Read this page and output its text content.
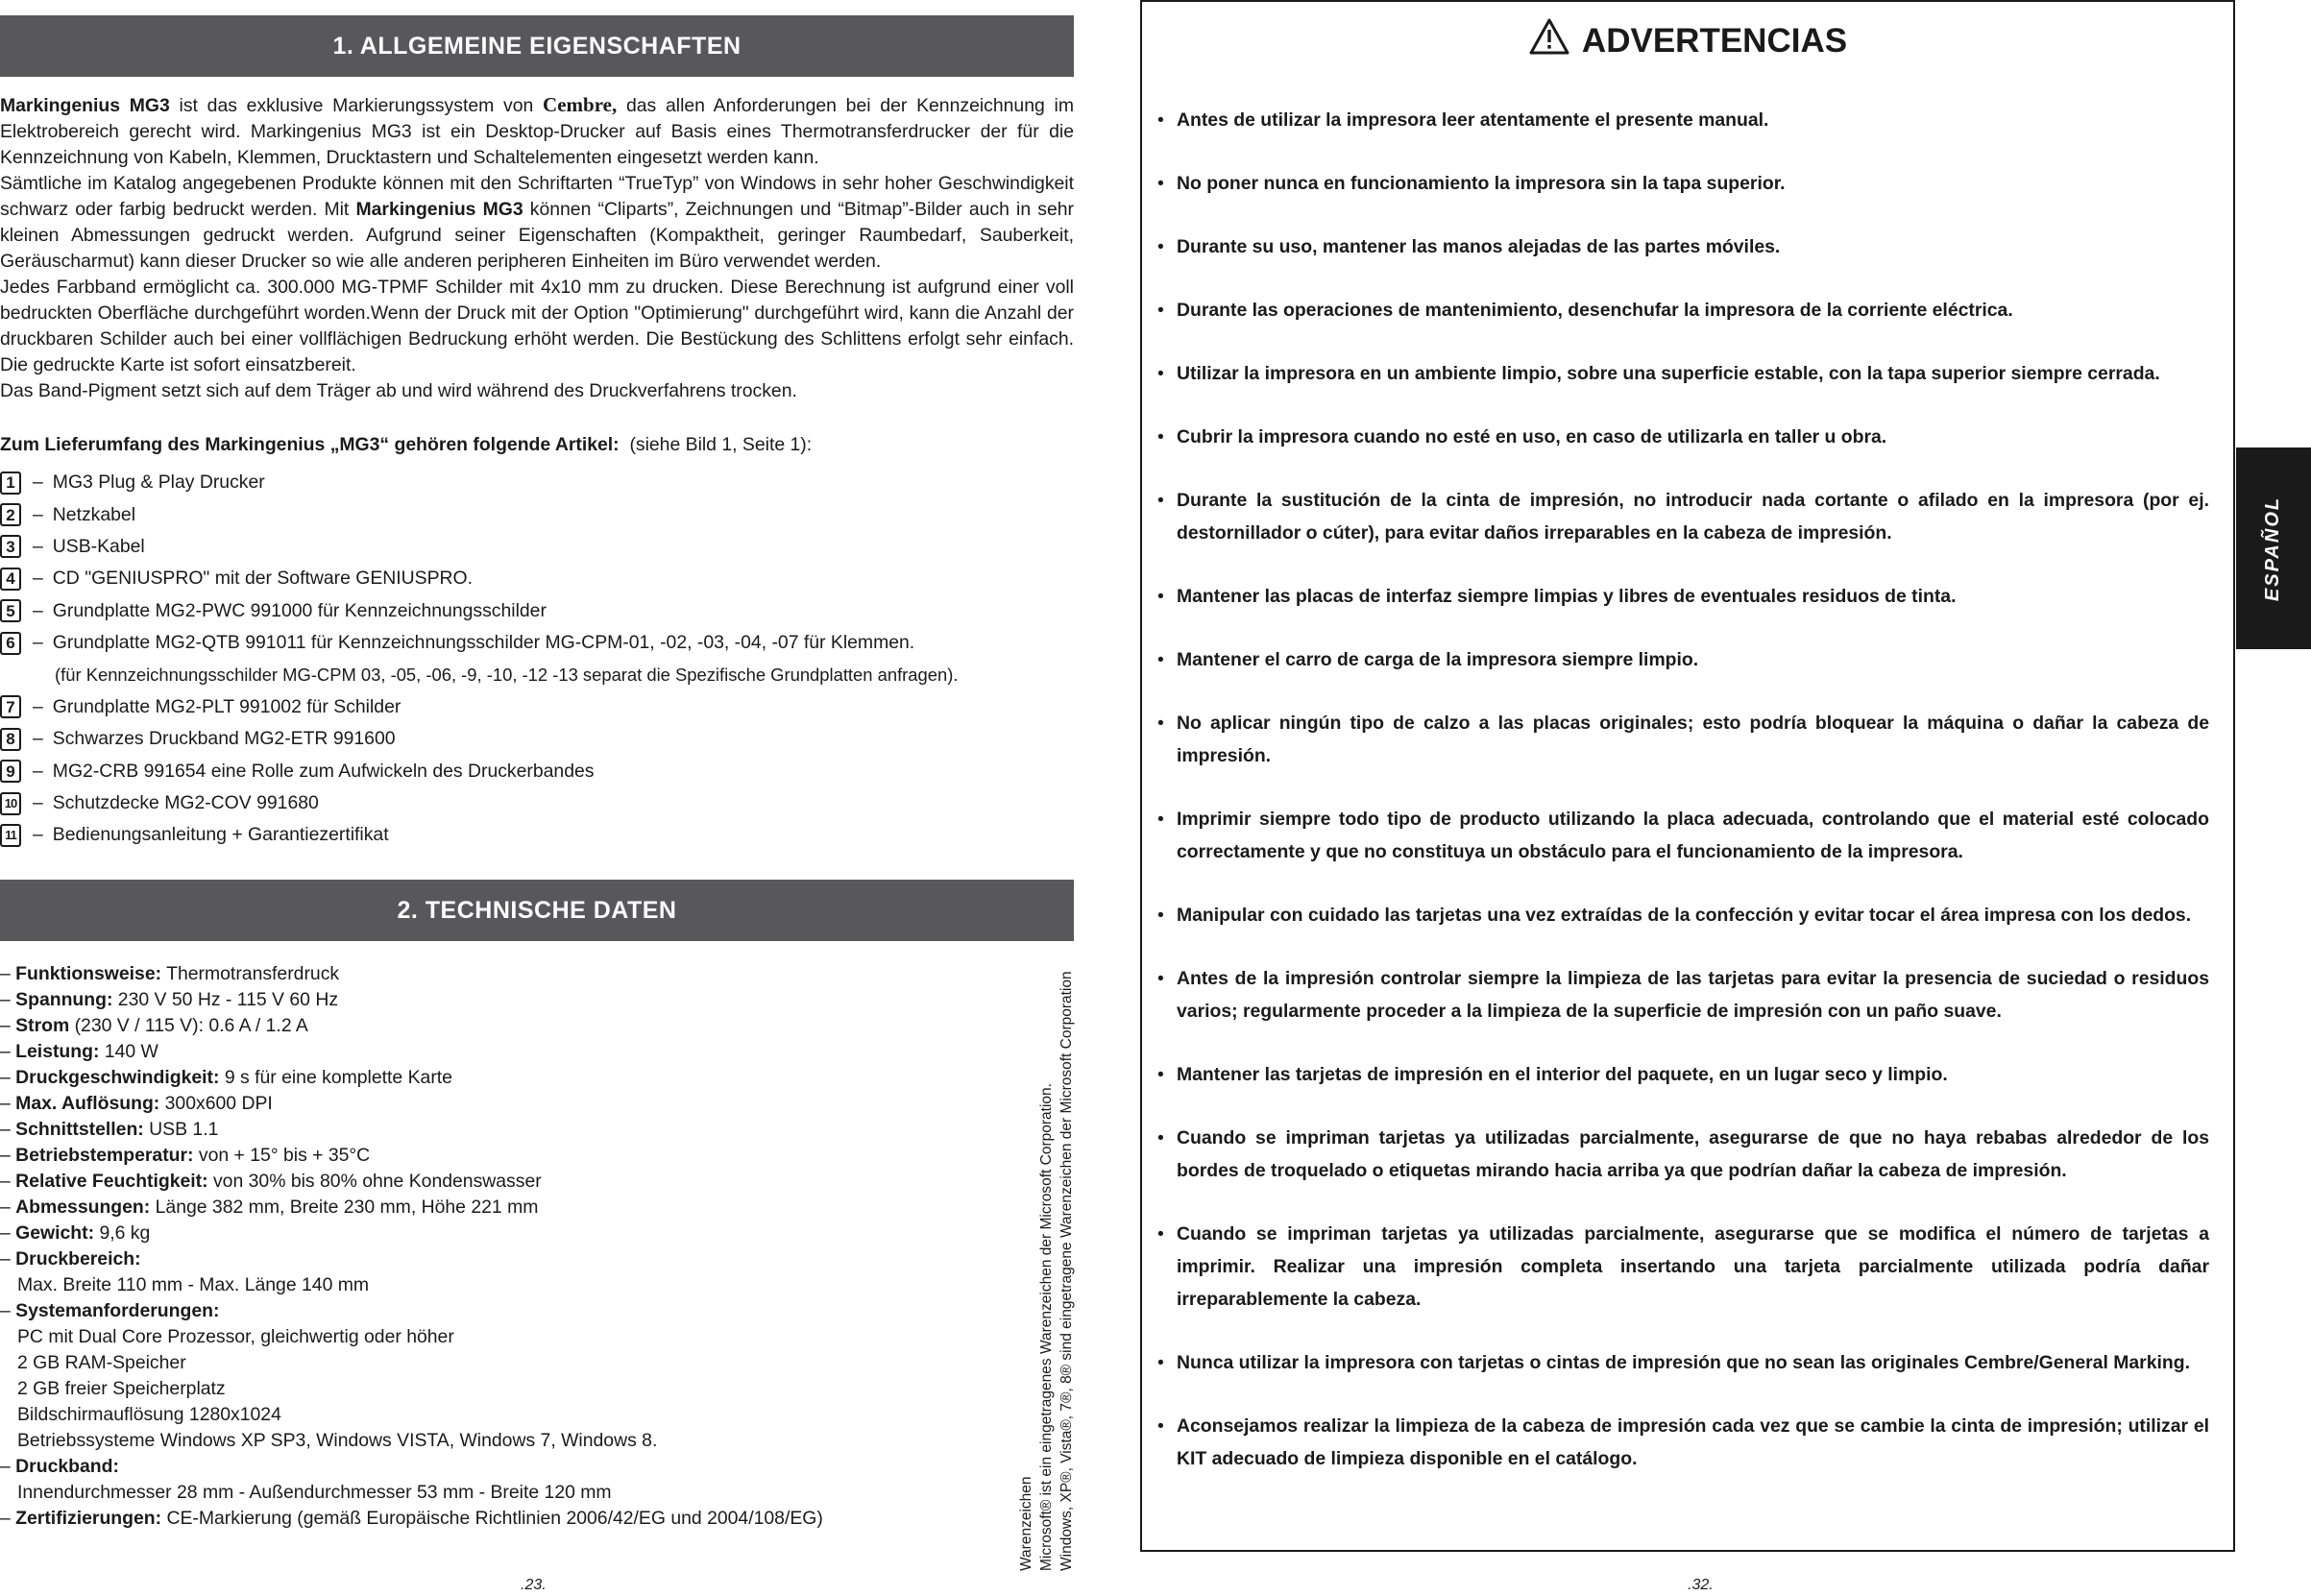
1. ALLGEMEINE EIGENSCHAFTEN

Markingenius MG3 ist das exklusive Markierungssystem von Cembre, das allen Anforderungen bei der Kennzeichnung im Elektrobereich gerecht wird. Markingenius MG3 ist ein Desktop-Drucker auf Basis eines Thermotransferdrucker der für die Kennzeichnung von Kabeln, Klemmen, Drucktastern und Schaltelementen eingesetzt werden kann.

Sämtliche im Katalog angegebenen Produkte können mit den Schriftarten “TrueTyp” von Windows in sehr hoher Geschwindigkeit schwarz oder farbig bedruckt werden. Mit Markingenius MG3 können “Cliparts”, Zeichnungen und “Bitmap”-Bilder auch in sehr kleinen Abmessungen gedruckt werden. Aufgrund seiner Eigenschaften (Kompaktheit, geringer Raumbedarf, Sauberkeit, Geräuscharmut) kann dieser Drucker so wie alle anderen peripheren Einheiten im Büro verwendet werden.

Jedes Farbband ermöglicht ca. 300.000 MG-TPMF Schilder mit 4x10 mm zu drucken. Diese Berechnung ist aufgrund einer voll bedruckten Oberfläche durchgeführt worden.Wenn der Druck mit der Option "Optimierung" durchgeführt wird, kann die Anzahl der druckbaren Schilder auch bei einer vollflächigen Bedruckung erhöht werden. Die Bestückung des Schlittens erfolgt sehr einfach. Die gedruckte Karte ist sofort einsatzbereit.

Das Band-Pigment setzt sich auf dem Träger ab und wird während des Druckverfahrens trocken.

Zum Lieferumfang des Markingenius „MG3“ gehören folgende Artikel: (siehe Bild 1, Seite 1):
1 – MG3 Plug & Play Drucker
2 – Netzkabel
3 – USB-Kabel
4 – CD "GENIUSPRO" mit der Software GENIUSPRO.
5 – Grundplatte MG2-PWC 991000 für Kennzeichnungsschilder
6 – Grundplatte MG2-QTB 991011 für Kennzeichnungsschilder MG-CPM-01, -02, -03, -04, -07 für Klemmen.
(für Kennzeichnungsschilder MG-CPM 03, -05, -06, -9, -10, -12 -13 separat die Spezifische Grundplatten anfragen).
7 – Grundplatte MG2-PLT 991002 für Schilder
8 – Schwarzes Druckband MG2-ETR 991600
9 – MG2-CRB 991654 eine Rolle zum Aufwickeln des Druckerbandes
10 – Schutzdecke MG2-COV 991680
11 – Bedienungsanleitung + Garantiezertifikat
2. TECHNISCHE DATEN
– Funktionsweise: Thermotransferdruck
– Spannung: 230 V 50 Hz - 115 V 60 Hz
– Strom (230 V / 115 V): 0.6 A / 1.2 A
– Leistung: 140 W
– Druckgeschwindigkeit: 9 s für eine komplette Karte
– Max. Auflösung: 300x600 DPI
– Schnittstellen: USB 1.1
– Betriebstemperatur: von + 15° bis + 35°C
– Relative Feuchtigkeit: von 30% bis 80% ohne Kondenswasser
– Abmessungen: Länge 382 mm, Breite 230 mm, Höhe 221 mm
– Gewicht: 9,6 kg
– Druckbereich:
Max. Breite 110 mm - Max. Länge 140 mm
– Systemanforderungen:
PC mit Dual Core Prozessor, gleichwertig oder höher
2 GB RAM-Speicher
2 GB freier Speicherplatz
Bildschirmauflösung 1280x1024
Betriebssysteme Windows XP SP3, Windows VISTA, Windows 7, Windows 8.
– Druckband:
Innendurchmesser 28 mm - Außendurchmesser 53 mm - Breite 120 mm
– Zertifizierungen: CE-Markierung (gemäß Europäische Richtlinien 2006/42/EG und 2004/108/EG)	Warenzeichen Microsoft® ist ein eingetragenes Warenzeichen der Microsoft Corporation. Windows, XP®, Vista®, 7®, 8® sind eingetragene Warenzeichen der Microsoft Corporation
.23.
ADVERTENCIAS
• Antes de utilizar la impresora leer atentamente el presente manual.
• No poner nunca en funcionamiento la impresora sin la tapa superior.
• Durante su uso, mantener las manos alejadas de las partes móviles.
• Durante las operaciones de mantenimiento, desenchufar la impresora de la corriente eléctrica.
• Utilizar la impresora en un ambiente limpio, sobre una superficie estable, con la tapa superior siempre cerrada.
• Cubrir la impresora cuando no esté en uso, en caso de utilizarla en taller u obra.
• Durante la sustitución de la cinta de impresión, no introducir nada cortante o afilado en la impresora (por ej. destornillador o cúter), para evitar daños irreparables en la cabeza de impresión.
• Mantener las placas de interfaz siempre limpias y libres de eventuales residuos de tinta.
• Mantener el carro de carga de la impresora siempre limpio.
• No aplicar ningún tipo de calzo a las placas originales; esto podría bloquear la máquina o dañar la cabeza de impresión.
• Imprimir siempre todo tipo de producto utilizando la placa adecuada, controlando que el material esté colocado correctamente y que no constituya un obstáculo para el funcionamiento de la impresora.
• Manipular con cuidado las tarjetas una vez extraídas de la confección y evitar tocar el área impresa con los dedos.
• Antes de la impresión controlar siempre la limpieza de las tarjetas para evitar la presencia de suciedad o residuos varios; regularmente proceder a la limpieza de la superficie de impresión con un paño suave.
• Mantener las tarjetas de impresión en el interior del paquete, en un lugar seco y limpio.
• Cuando se impriman tarjetas ya utilizadas parcialmente, asegurarse de que no haya rebabas alrededor de los bordes de troquelado o etiquetas mirando hacia arriba ya que podrían dañar la cabeza de impresión.
• Cuando se impriman tarjetas ya utilizadas parcialmente, asegurarse que se modifica el número de tarjetas a imprimir. Realizar una impresión completa insertando una tarjeta parcialmente utilizada podría dañar irreparablemente la cabeza.
• Nunca utilizar la impresora con tarjetas o cintas de impresión que no sean las originales Cembre/General Marking.
• Aconsejamos realizar la limpieza de la cabeza de impresión cada vez que se cambie la cinta de impresión; utilizar el KIT adecuado de limpieza disponible en el catálogo.
ESPAÑOL
.32.
